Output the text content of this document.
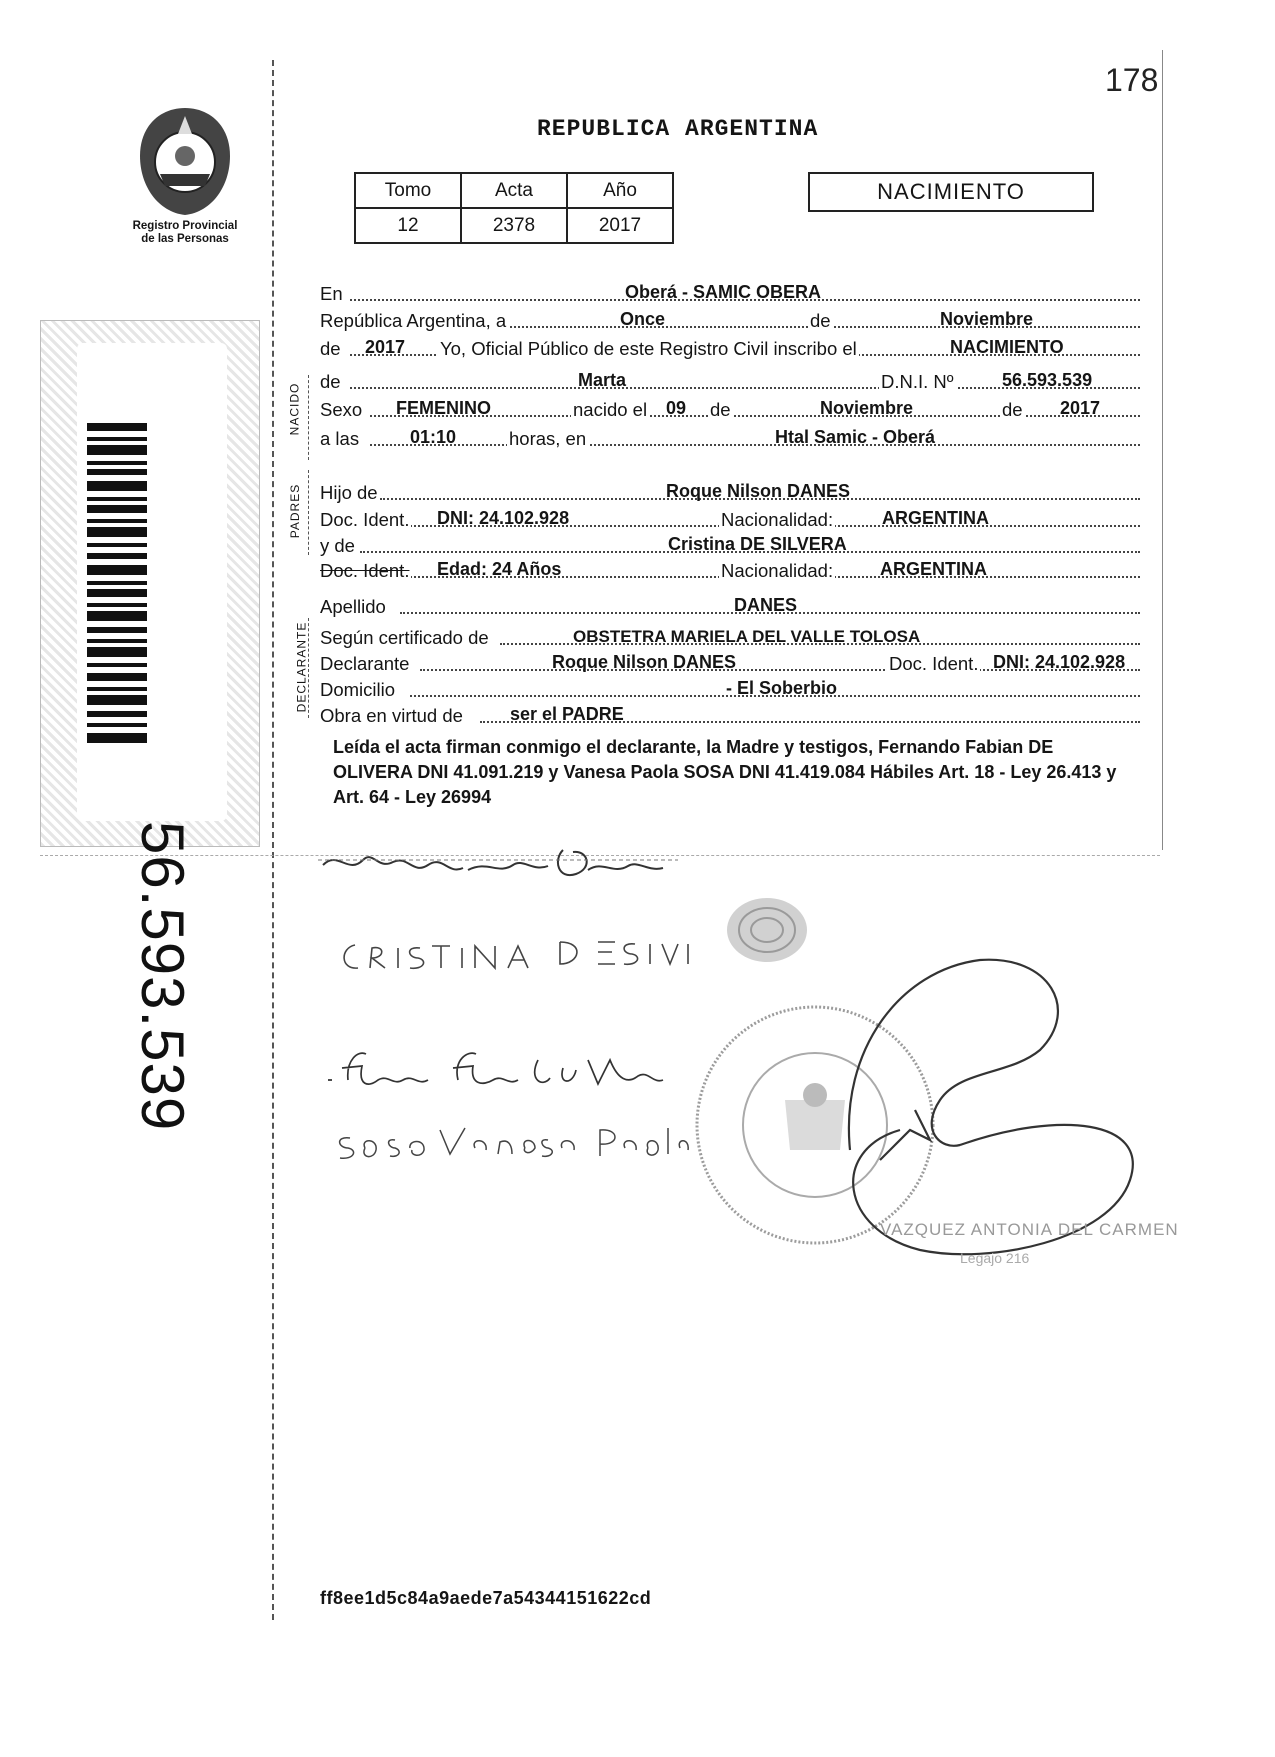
178
Registro Provincial
de las Personas
REPUBLICA ARGENTINA
Tomo	Acta	Año
12	2378	2017
NACIMIENTO
56.593.539
NACIDO
PADRES
DECLARANTE
En	Oberá - SAMIC OBERA
República Argentina, a	Once	de	Noviembre
de 2017 Yo, Oficial Público de este Registro Civil inscribo el	NACIMIENTO
de	Marta	D.N.I. Nº	56.593.539
Sexo FEMENINO	nacido el 09 de	Noviembre	de 2017
a las	01:10	horas, en	Htal Samic - Oberá
Hijo de	Roque Nilson DANES
Doc. Ident. DNI: 24.102.928	Nacionalidad:	ARGENTINA
y de	Cristina DE SILVERA
Doc. Ident. Edad: 24 Años	Nacionalidad:	ARGENTINA
Apellido	DANES
Según certificado de	OBSTETRA MARIELA DEL VALLE TOLOSA
Declarante	Roque Nilson DANES	Doc. Ident. DNI: 24.102.928
Domicilio	- El Soberbio
Obra en virtud de	ser el PADRE
Leída el acta firman conmigo el declarante, la Madre y testigos, Fernando Fabian DE OLIVERA DNI 41.091.219 y Vanesa Paola SOSA DNI 41.419.084 Hábiles Art. 18 - Ley 26.413 y Art. 64 - Ley 26994
VAZQUEZ ANTONIA DEL CARMEN
Legajo 216
ff8ee1d5c84a9aede7a54344151622cd
